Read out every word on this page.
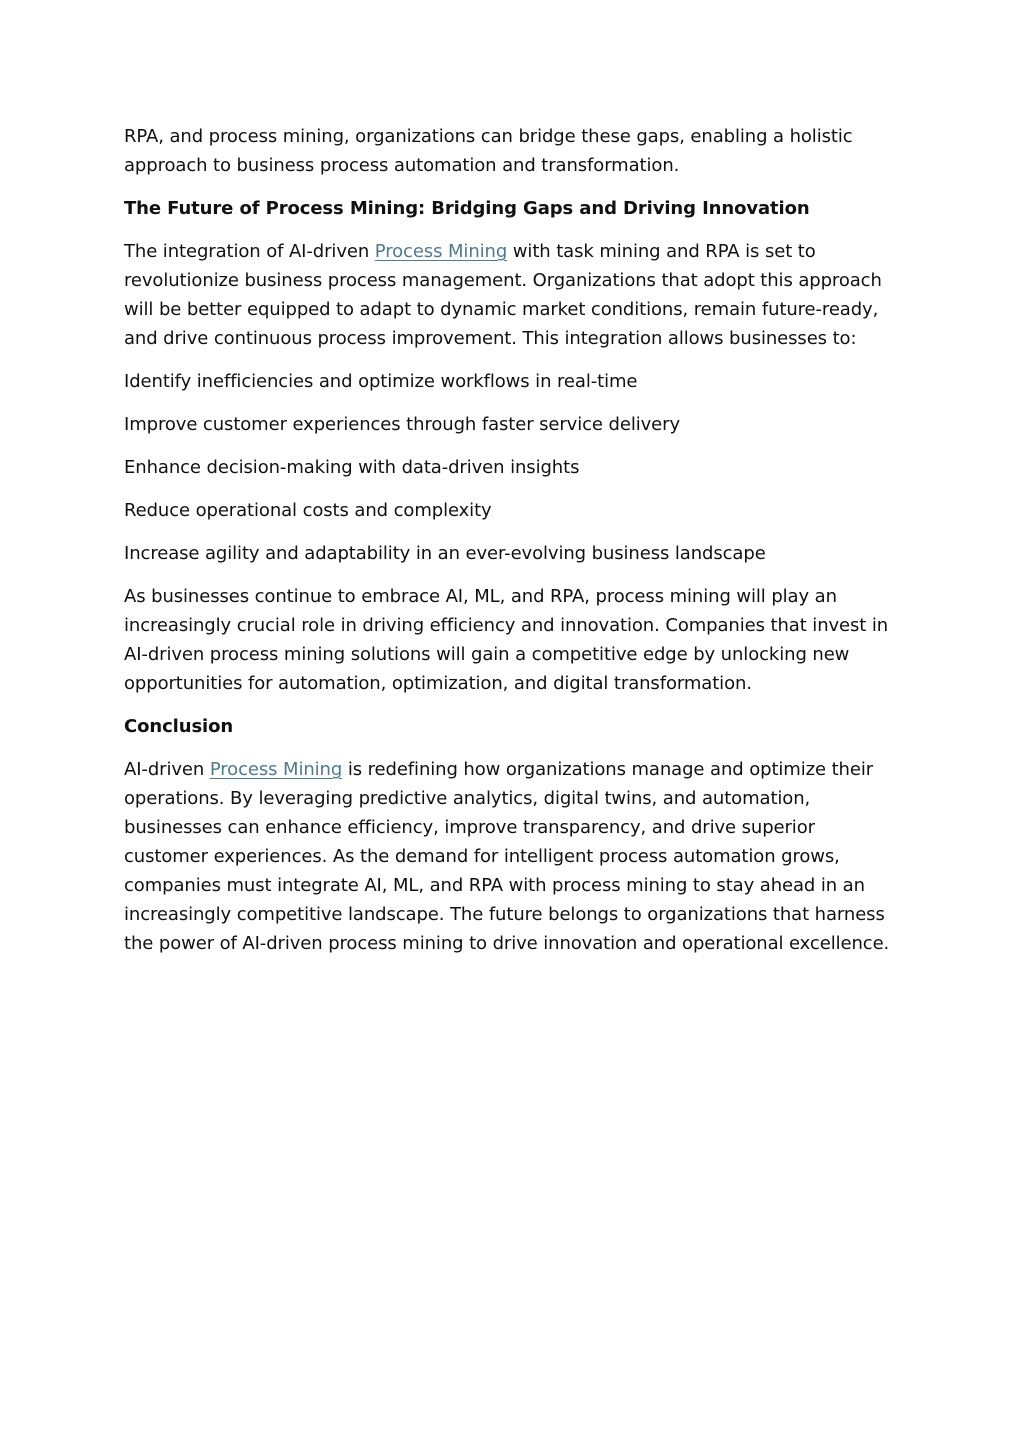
RPA, and process mining, organizations can bridge these gaps, enabling a holistic approach to business process automation and transformation.

The Future of Process Mining: Bridging Gaps and Driving Innovation

The integration of AI-driven Process Mining with task mining and RPA is set to revolutionize business process management. Organizations that adopt this approach will be better equipped to adapt to dynamic market conditions, remain future-ready, and drive continuous process improvement. This integration allows businesses to:

Identify inefficiencies and optimize workflows in real-time

Improve customer experiences through faster service delivery

Enhance decision-making with data-driven insights

Reduce operational costs and complexity

Increase agility and adaptability in an ever-evolving business landscape

As businesses continue to embrace AI, ML, and RPA, process mining will play an increasingly crucial role in driving efficiency and innovation. Companies that invest in AI-driven process mining solutions will gain a competitive edge by unlocking new opportunities for automation, optimization, and digital transformation.

Conclusion

AI-driven Process Mining is redefining how organizations manage and optimize their operations. By leveraging predictive analytics, digital twins, and automation, businesses can enhance efficiency, improve transparency, and drive superior customer experiences. As the demand for intelligent process automation grows, companies must integrate AI, ML, and RPA with process mining to stay ahead in an increasingly competitive landscape. The future belongs to organizations that harness the power of AI-driven process mining to drive innovation and operational excellence.
